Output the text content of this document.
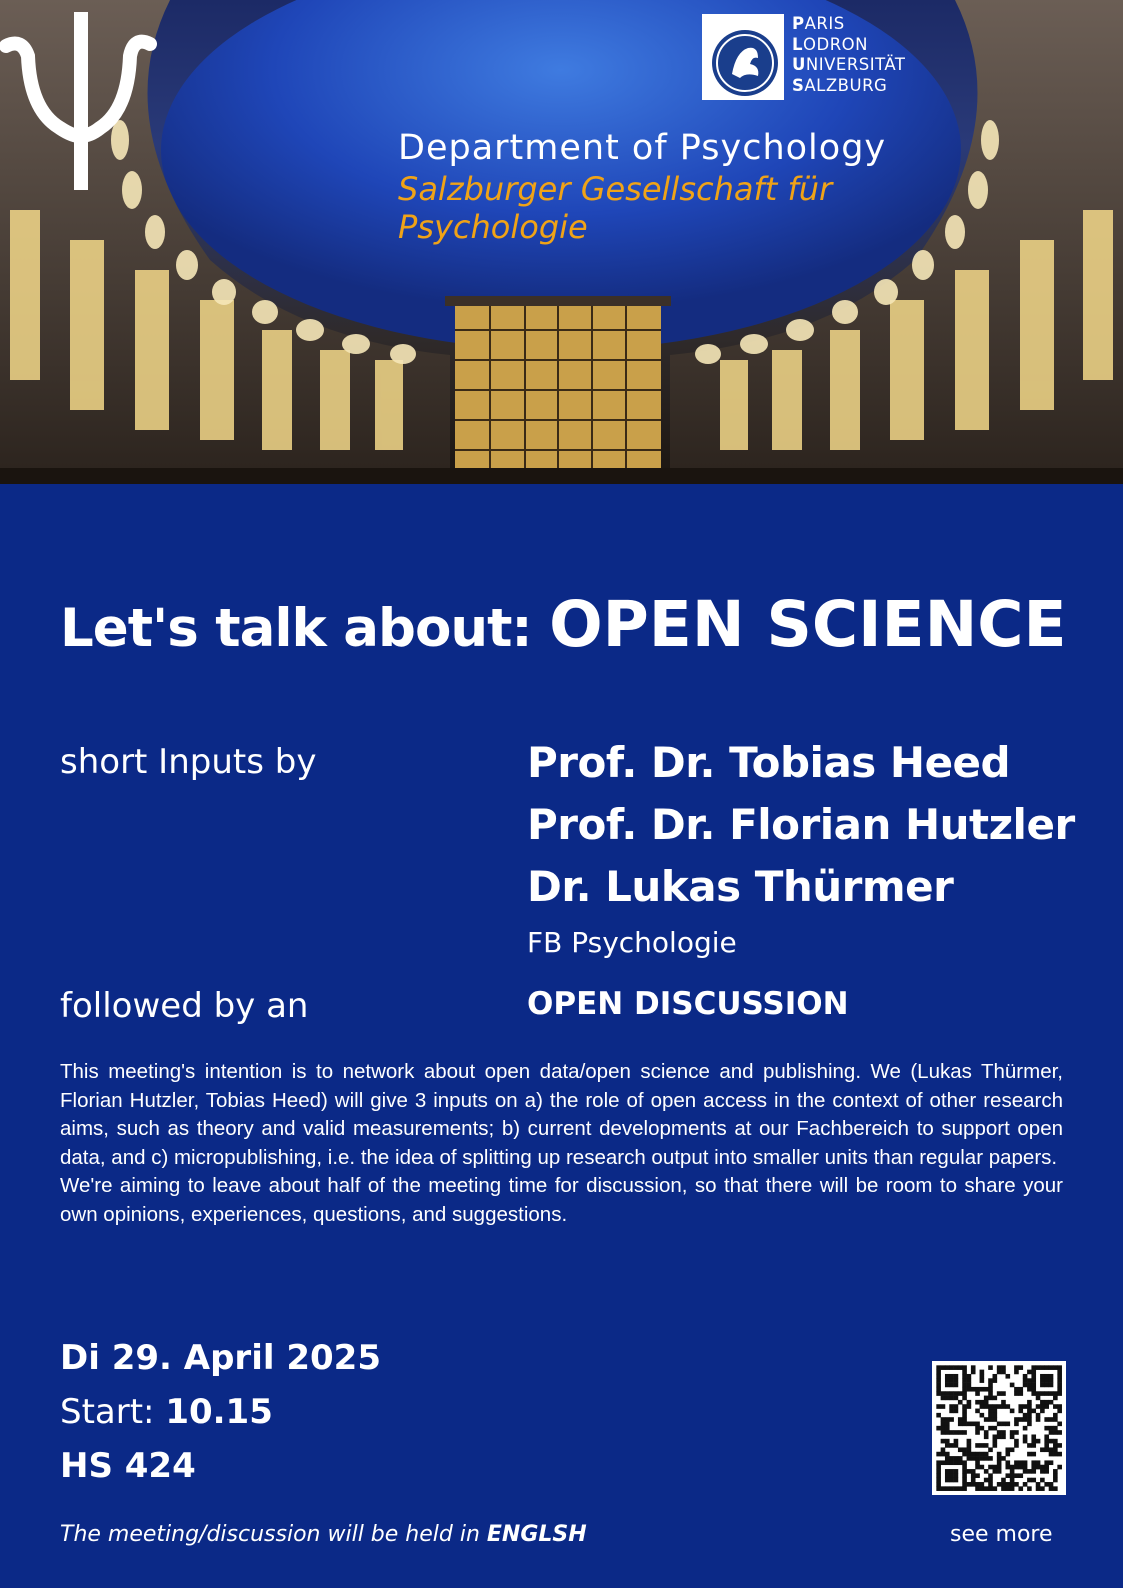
Department of Psychology
Salzburger Gesellschaft für Psychologie
PARIS
LODRON
UNIVERSITÄT
SALZBURG
Let's talk about: OPEN SCIENCE
short Inputs by	Prof. Dr. Tobias Heed
Prof. Dr. Florian Hutzler
Dr. Lukas Thürmer
FB Psychologie
followed by an	OPEN DISCUSSION

This meeting's intention is to network about open data/open science and publishing. We (Lukas Thürmer, Florian Hutzler, Tobias Heed) will give 3 inputs on a) the role of open access in the context of other research aims, such as theory and valid measurements; b) current developments at our Fachbereich to support open data, and c) micropublishing, i.e. the idea of splitting up research output into smaller units than regular papers.

We're aiming to leave about half of the meeting time for discussion, so that there will be room to share your own opinions, experiences, questions, and suggestions.

Di 29. April 2025
Start: 10.15
HS 424
The meeting/discussion will be held in ENGLSH	see more
